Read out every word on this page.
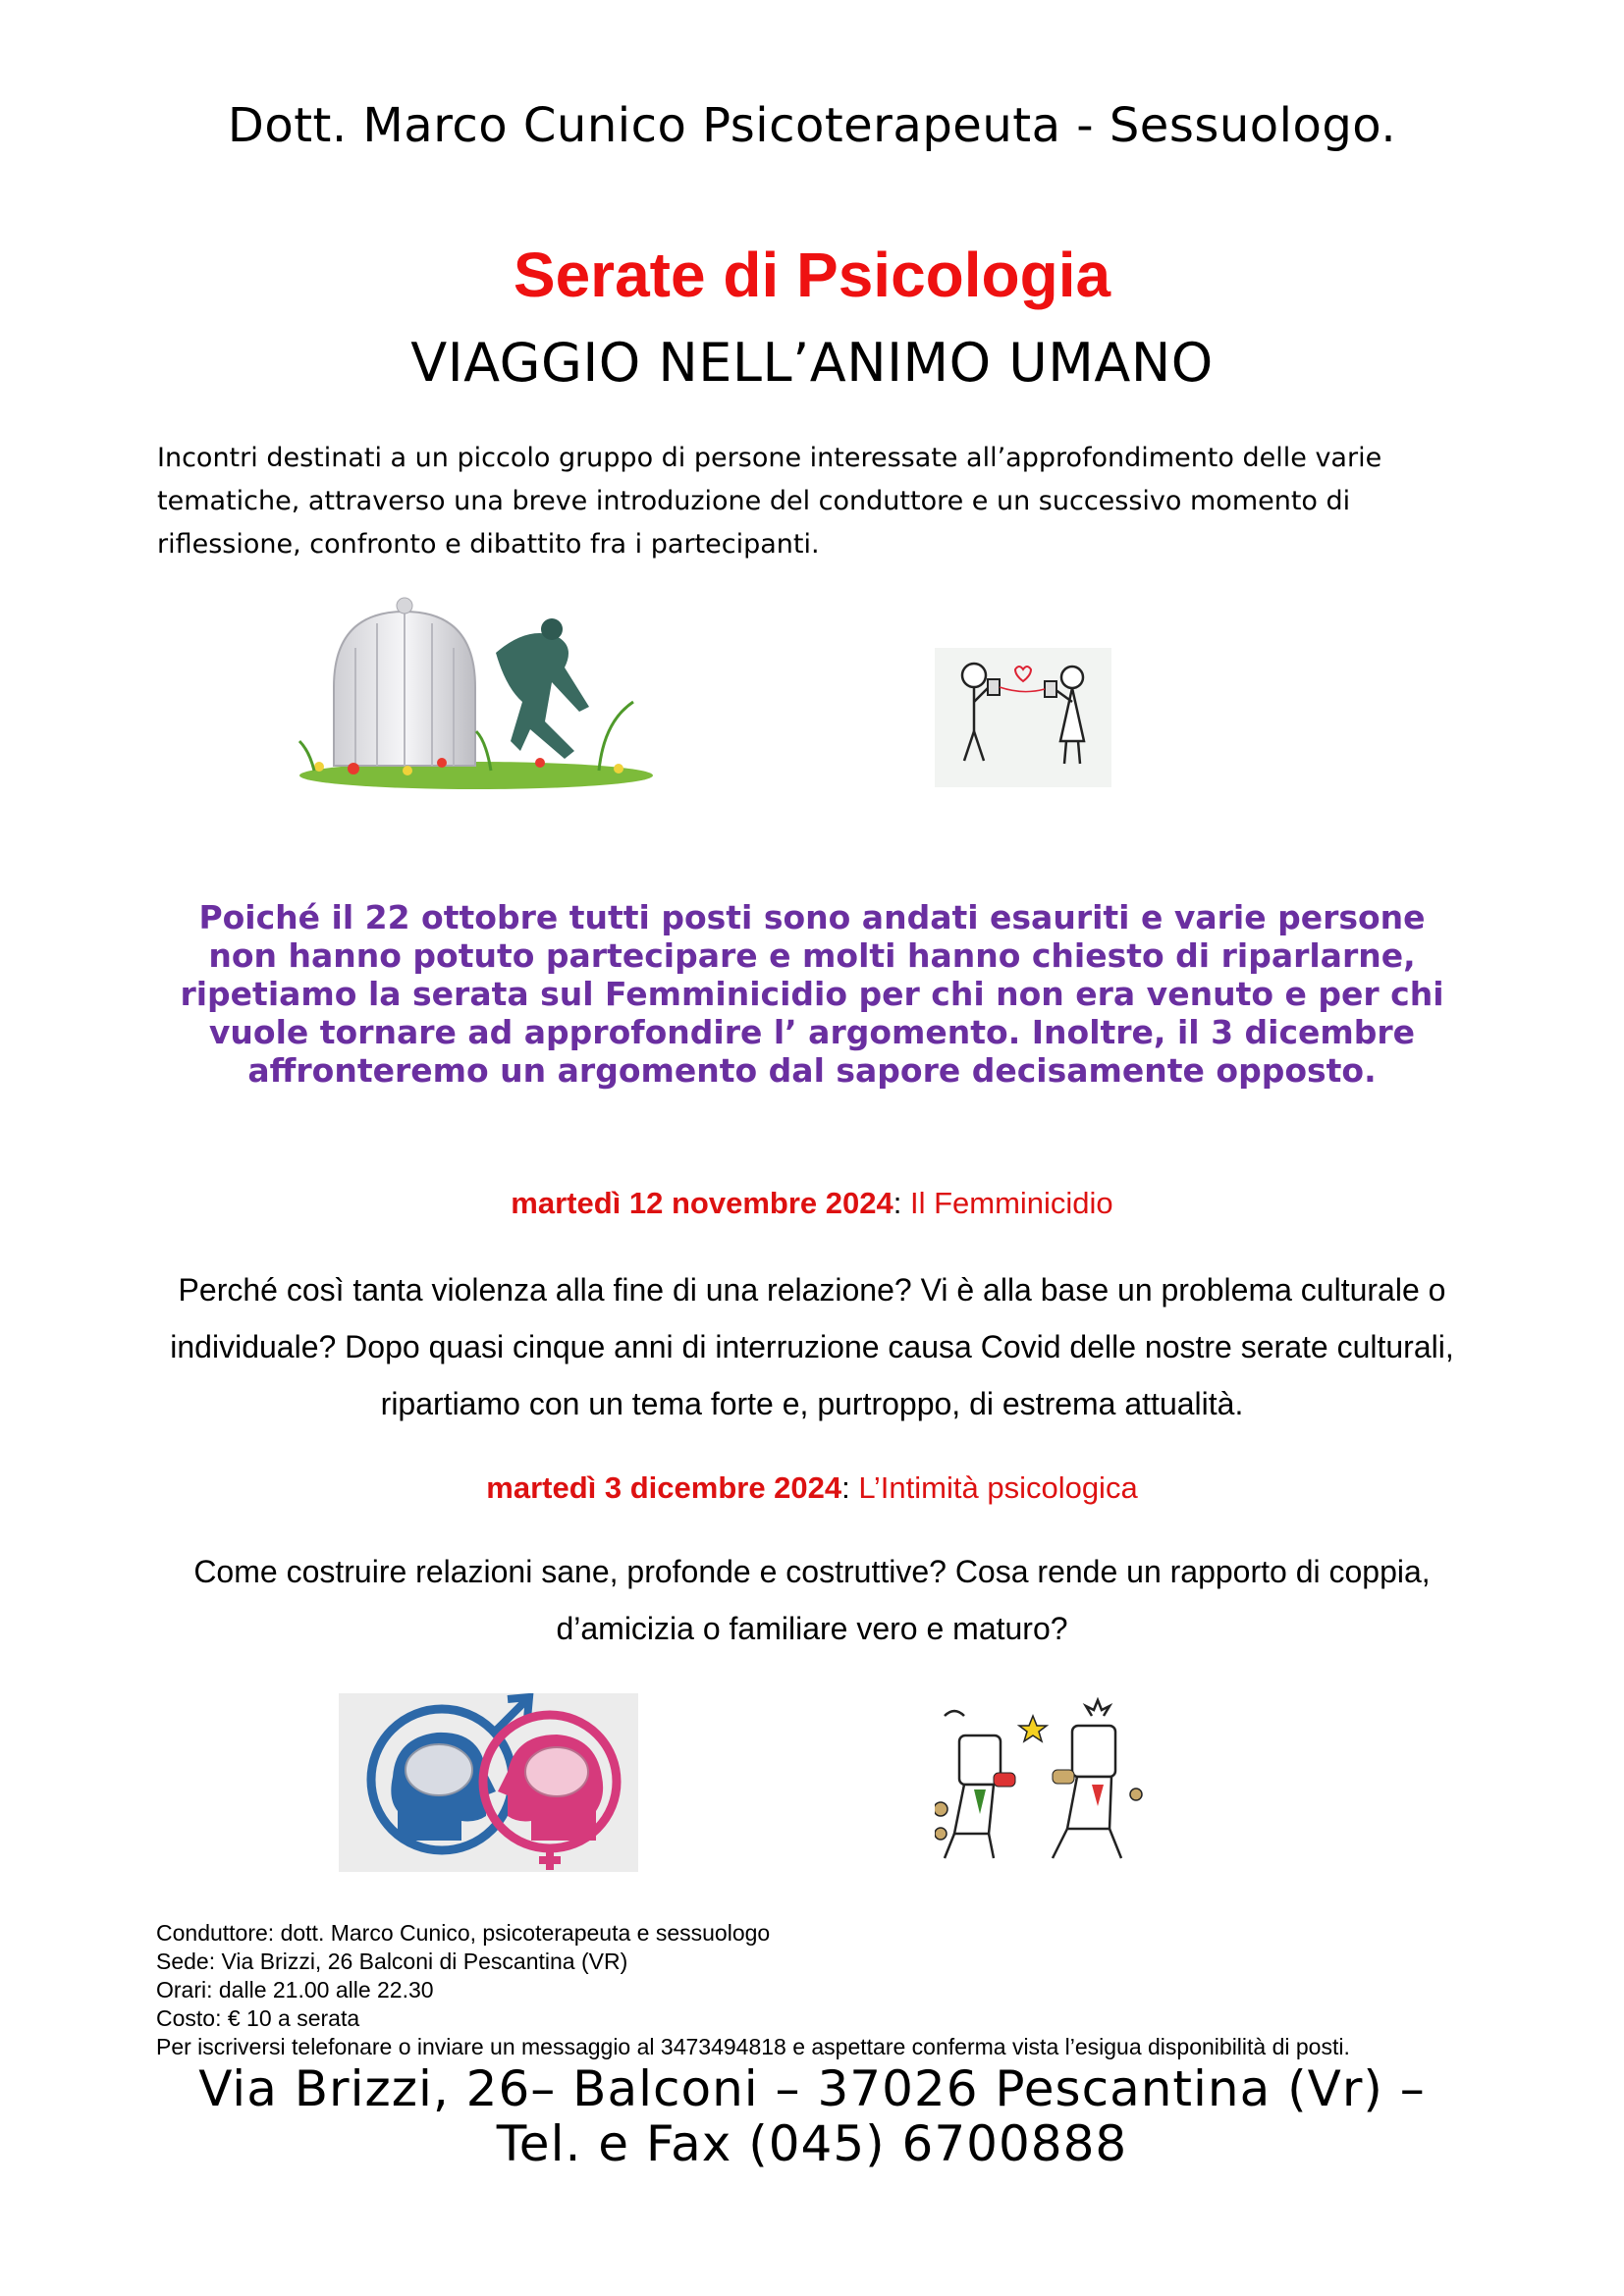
Dott. Marco Cunico Psicoterapeuta - Sessuologo.
Serate di Psicologia
VIAGGIO NELL’ANIMO UMANO
Incontri destinati a un piccolo gruppo di persone interessate all’approfondimento delle varie tematiche, attraverso una breve introduzione del conduttore e un successivo momento di riflessione, confronto e dibattito fra i partecipanti.
Poiché il 22 ottobre tutti posti sono andati esauriti e varie persone non hanno potuto partecipare e molti hanno chiesto di riparlarne, ripetiamo la serata sul Femminicidio per chi non era venuto e per chi vuole tornare ad approfondire l’ argomento. Inoltre, il 3 dicembre affronteremo un argomento dal sapore decisamente opposto.
martedì 12 novembre 2024: Il Femminicidio
Perché così tanta violenza alla fine di una relazione? Vi è alla base un problema culturale o individuale? Dopo quasi cinque anni di interruzione causa Covid delle nostre serate culturali, ripartiamo con un tema forte e, purtroppo, di estrema attualità.
martedì 3 dicembre 2024: L’Intimità psicologica
Come costruire relazioni sane, profonde e costruttive? Cosa rende un rapporto di coppia, d’amicizia o familiare vero e maturo?
Conduttore: dott. Marco Cunico, psicoterapeuta e sessuologo
Sede: Via Brizzi, 26 Balconi di Pescantina (VR)
Orari: dalle 21.00 alle 22.30
Costo: € 10 a serata
Per iscriversi telefonare o inviare un messaggio al 3473494818 e aspettare conferma vista l’esigua disponibilità di posti.
Via Brizzi, 26– Balconi – 37026 Pescantina (Vr) – Tel. e Fax (045) 6700888
